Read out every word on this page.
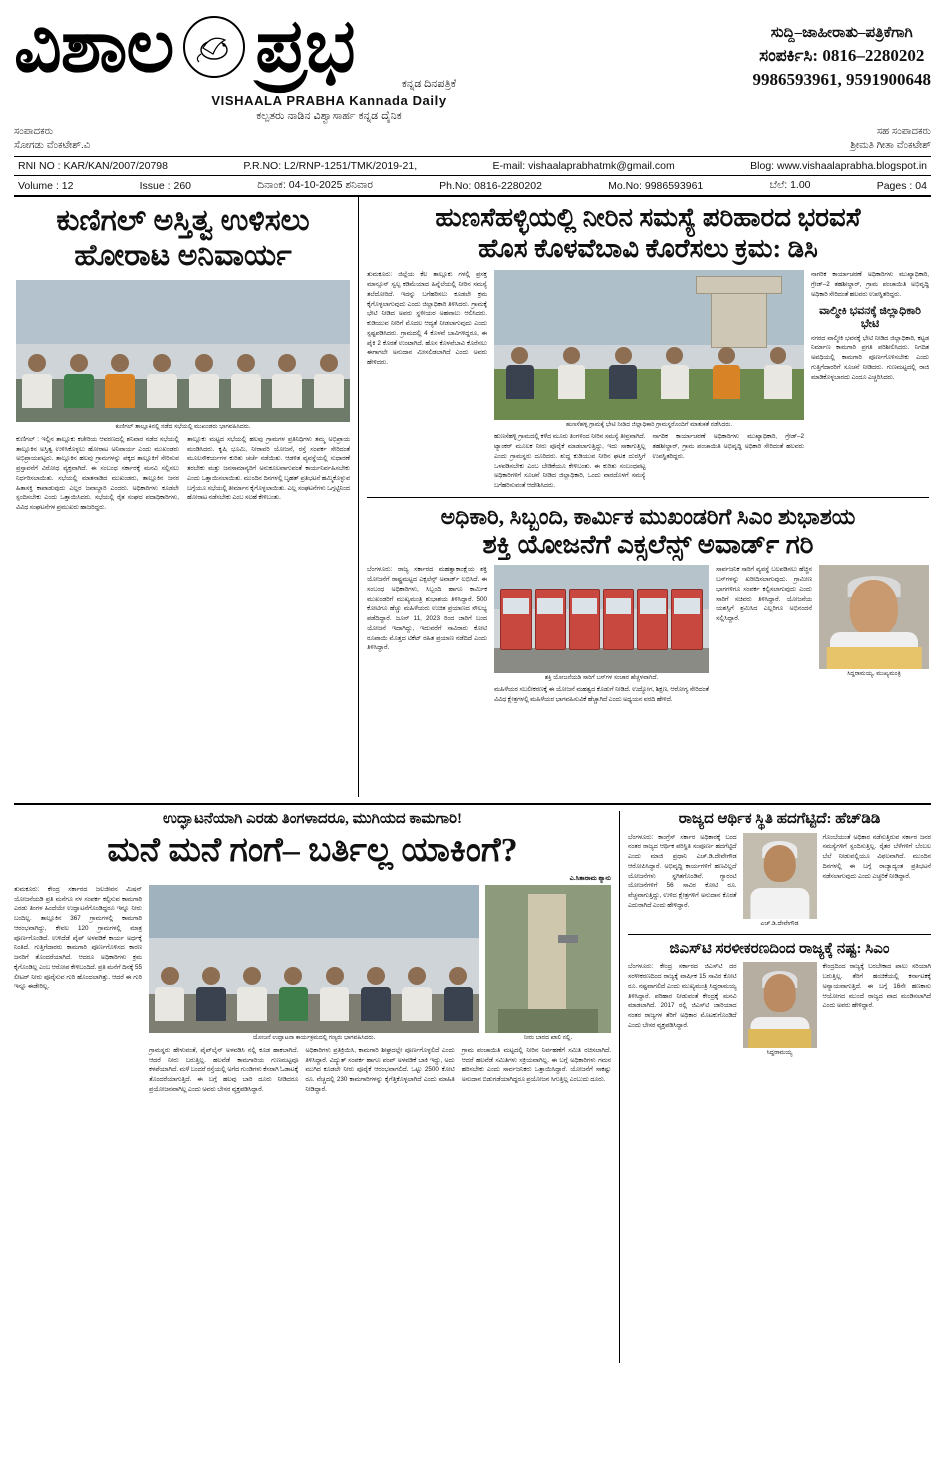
ವಿಶಾಲ ಪ್ರಭ	ಕನ್ನಡ ದಿನಪತ್ರಿಕೆ
VISHAALA PRABHA Kannada Daily
ಕಲ್ಪತರು ನಾಡಿನ ವಿಶ್ವಾಸಾರ್ಹ ಕನ್ನಡ ದೈನಿಕ
ಸುದ್ದಿ–ಜಾಹೀರಾತು–ಪತ್ರಿಕೆಗಾಗಿ
ಸಂಪರ್ಕಿಸಿ: 0816–2280202
9986593961, 9591900648
ಸಂಪಾದಕರು
ಸೋಗಡು ವೆಂಕಟೇಶ್.ವಿ
ಸಹ ಸಂಪಾದಕರು
ಶ್ರೀಮತಿ ಗೀತಾ ವೆಂಕಟೇಶ್
RNI NO : KAR/KAN/2007/20798	P.R.NO: L2/RNP-1251/TMK/2019-21,	E-mail: vishaalaprabhatmk@gmail.com	Blog: www.vishaalaprabha.blogspot.in
Volume : 12	Issue : 260	ದಿನಾಂಕ: 04-10-2025 ಶನಿವಾರ	Ph.No: 0816-2280202	Mo.No: 9986593961	ಬೆಲೆ: 1.00	Pages : 04
ಕುಣಿಗಲ್ ಅಸ್ತಿತ್ವ ಉಳಿಸಲು
ಹೋರಾಟ ಅನಿವಾರ್ಯ
ಕುಣಿಗಲ್ ತಾಲ್ಲೂಕಿನಲ್ಲಿ ನಡೆದ ಸಭೆಯಲ್ಲಿ ಮುಖಂಡರು ಭಾಗವಹಿಸಿದರು.
ಕುಣಿಗಲ್ : ಇಲ್ಲಿನ ತಾಲ್ಲೂಕು ಕಚೇರಿಯ ಆವರಣದಲ್ಲಿ ಶನಿವಾರ ನಡೆದ ಸಭೆಯಲ್ಲಿ ತಾಲ್ಲೂಕಿನ ಅಸ್ತಿತ್ವ ಉಳಿಸಿಕೊಳ್ಳಲು ಹೋರಾಟ ಅನಿವಾರ್ಯ ಎಂದು ಮುಖಂಡರು ಅಭಿಪ್ರಾಯಪಟ್ಟರು. ತಾಲ್ಲೂಕಿನ ಹಲವು ಗ್ರಾಮಗಳನ್ನು ಪಕ್ಕದ ತಾಲ್ಲೂಕಿಗೆ ಸೇರಿಸುವ ಪ್ರಸ್ತಾವನೆಗೆ ವಿರೋಧ ವ್ಯಕ್ತವಾಗಿದೆ. ಈ ಸಂಬಂಧ ಸರ್ಕಾರಕ್ಕೆ ಮನವಿ ಸಲ್ಲಿಸಲು ನಿರ್ಧರಿಸಲಾಯಿತು. ಸಭೆಯಲ್ಲಿ ಮಾತನಾಡಿದ ಮುಖಂಡರು, ತಾಲ್ಲೂಕಿನ ಜನರ ಹಿತಾಸಕ್ತಿ ಕಾಪಾಡುವುದು ಎಲ್ಲರ ಜವಾಬ್ದಾರಿ ಎಂದರು. ಅಧಿಕಾರಿಗಳು ಕೂಡಲೇ ಸ್ಪಂದಿಸಬೇಕು ಎಂದು ಒತ್ತಾಯಿಸಿದರು. ಸಭೆಯಲ್ಲಿ ರೈತ ಸಂಘದ ಪದಾಧಿಕಾರಿಗಳು, ವಿವಿಧ ಸಂಘಟನೆಗಳ ಪ್ರಮುಖರು ಹಾಜರಿದ್ದರು.
ತಾಲ್ಲೂಕು ಮಟ್ಟದ ಸಭೆಯಲ್ಲಿ ಹಲವು ಗ್ರಾಮಗಳ ಪ್ರತಿನಿಧಿಗಳು ತಮ್ಮ ಅಭಿಪ್ರಾಯ ಮಂಡಿಸಿದರು. ಕೃಷಿ ಭೂಮಿ, ನೀರಾವರಿ ಯೋಜನೆ, ರಸ್ತೆ ಸಂಪರ್ಕ ಸೇರಿದಂತೆ ಮೂಲಸೌಕರ್ಯಗಳ ಕುರಿತು ಚರ್ಚೆ ನಡೆಯಿತು. ಆಡಳಿತ ವ್ಯವಸ್ಥೆಯಲ್ಲಿ ಸುಧಾರಣೆ ತರಬೇಕು ಮತ್ತು ಜನಸಾಮಾನ್ಯರಿಗೆ ಅನುಕೂಲವಾಗುವಂತೆ ಕಾರ್ಯನಿರ್ವಹಿಸಬೇಕು ಎಂದು ಒತ್ತಾಯಿಸಲಾಯಿತು. ಮುಂದಿನ ದಿನಗಳಲ್ಲಿ ಬೃಹತ್ ಪ್ರತಿಭಟನೆ ಹಮ್ಮಿಕೊಳ್ಳುವ ಬಗ್ಗೆಯೂ ಸಭೆಯಲ್ಲಿ ತೀರ್ಮಾನ ಕೈಗೊಳ್ಳಲಾಯಿತು. ಎಲ್ಲ ಸಂಘಟನೆಗಳು ಒಗ್ಗಟ್ಟಿನಿಂದ ಹೋರಾಟ ನಡೆಸಬೇಕು ಎಂಬ ಸಲಹೆ ಕೇಳಿಬಂತು.
ಹುಣಸೆಹಳ್ಳಿಯಲ್ಲಿ ನೀರಿನ ಸಮಸ್ಯೆ ಪರಿಹಾರದ ಭರವಸೆ
ಹೊಸ ಕೊಳವೆಬಾವಿ ಕೊರೆಸಲು ಕ್ರಮ: ಡಿಸಿ
ತುಮಕೂರು: ಜಿಲ್ಲೆಯ ಕೆಲ ತಾಲ್ಲೂಕು ಗಳಲ್ಲಿ ಪ್ರಸಕ್ತ ಮಾನ್ಸೂನ್ ಸ್ವಲ್ಪ ಕಡಿಮೆಯಾದ ಹಿನ್ನೆಲೆಯಲ್ಲಿ ನೀರಿನ ಸಮಸ್ಯೆ ತಲೆದೋರಿದೆ. ಇದನ್ನು ಬಗೆಹರಿಸಲು ಕೂಡಲೇ ಕ್ರಮ ಕೈಗೊಳ್ಳಲಾಗುವುದು ಎಂದು ಜಿಲ್ಲಾಧಿಕಾರಿ ತಿಳಿಸಿದರು. ಗ್ರಾಮಕ್ಕೆ ಭೇಟಿ ನೀಡಿದ ಅವರು ಸ್ಥಳೀಯರ ಅಹವಾಲು ಆಲಿಸಿದರು. ಕುಡಿಯುವ ನೀರಿಗೆ ಮೊದಲ ಆದ್ಯತೆ ನೀಡಲಾಗುವುದು ಎಂದು ಸ್ಪಷ್ಟಪಡಿಸಿದರು. ಗ್ರಾಮದಲ್ಲಿ 4 ಕೊಳವೆ ಬಾವಿಗಳಿದ್ದರೂ, ಈ ಪೈಕಿ 2 ಕೊರತೆ ಉಂಟಾಗಿದೆ. ಹೊಸ ಕೊಳವೆಬಾವಿ ಕೊರೆಸಲು ಈಗಾಗಲೇ ಅನುದಾನ ಮೀಸಲಿಡಲಾಗಿದೆ ಎಂದು ಅವರು ಹೇಳಿದರು.
ಹುಣಸೆಹಳ್ಳಿ ಗ್ರಾಮಕ್ಕೆ ಭೇಟಿ ನೀಡಿದ ಜಿಲ್ಲಾಧಿಕಾರಿ ಗ್ರಾಮಸ್ಥರೊಂದಿಗೆ ಮಾತುಕತೆ ನಡೆಸಿದರು.
ಹುಣಸೆಹಳ್ಳಿ ಗ್ರಾಮದಲ್ಲಿ ಕಳೆದ ಮೂರು ತಿಂಗಳಿಂದ ನೀರಿನ ಸಮಸ್ಯೆ ತೀವ್ರವಾಗಿದೆ. ಟ್ಯಾಂಕರ್ ಮೂಲಕ ನೀರು ಪೂರೈಕೆ ಮಾಡಲಾಗುತ್ತಿದ್ದು, ಇದು ಸಾಕಾಗುತ್ತಿಲ್ಲ ಎಂದು ಗ್ರಾಮಸ್ಥರು ದೂರಿದರು. ಶುದ್ಧ ಕುಡಿಯುವ ನೀರಿನ ಘಟಕ ದುರಸ್ತಿಗೆ ಒಳಪಡಿಸಬೇಕು ಎಂಬ ಬೇಡಿಕೆಯೂ ಕೇಳಿಬಂತು. ಈ ಕುರಿತು ಸಂಬಂಧಪಟ್ಟ ಅಧಿಕಾರಿಗಳಿಗೆ ಸೂಚನೆ ನೀಡಿದ ಜಿಲ್ಲಾಧಿಕಾರಿ, ಒಂದು ವಾರದೊಳಗೆ ಸಮಸ್ಯೆ ಬಗೆಹರಿಸುವಂತೆ ಆದೇಶಿಸಿದರು.
ನಾಗರಿಕ ಕಾರ್ಯಾಚರಣೆ ಅಧಿಕಾರಿಗಳು ಮುಖ್ಯಾಧಿಕಾರಿ, ಗ್ರೇಡ್–2 ತಹಶೀಲ್ದಾರ್, ಗ್ರಾಮ ಪಂಚಾಯಿತಿ ಅಭಿವೃದ್ಧಿ ಅಧಿಕಾರಿ ಸೇರಿದಂತೆ ಹಲವರು ಉಪಸ್ಥಿತರಿದ್ದರು.
ನಾಗರಿಕ ಕಾರ್ಯಾಚರಣೆ ಅಧಿಕಾರಿಗಳು ಮುಖ್ಯಾಧಿಕಾರಿ, ಗ್ರೇಡ್–2 ತಹಶೀಲ್ದಾರ್, ಗ್ರಾಮ ಪಂಚಾಯಿತಿ ಅಭಿವೃದ್ಧಿ ಅಧಿಕಾರಿ ಸೇರಿದಂತೆ ಹಲವರು ಉಪಸ್ಥಿತರಿದ್ದರು.
ವಾಲ್ಮೀಕಿ ಭವನಕ್ಕೆ ಜಿಲ್ಲಾಧಿಕಾರಿ ಭೇಟಿ
ನಗರದ ವಾಲ್ಮೀಕಿ ಭವನಕ್ಕೆ ಭೇಟಿ ನೀಡಿದ ಜಿಲ್ಲಾಧಿಕಾರಿ, ಕಟ್ಟಡ ನಿರ್ಮಾಣ ಕಾಮಗಾರಿ ಪ್ರಗತಿ ಪರಿಶೀಲಿಸಿದರು. ನಿಗದಿತ ಅವಧಿಯಲ್ಲಿ ಕಾಮಗಾರಿ ಪೂರ್ಣಗೊಳಿಸಬೇಕು ಎಂದು ಗುತ್ತಿಗೆದಾರರಿಗೆ ಸೂಚನೆ ನೀಡಿದರು. ಗುಣಮಟ್ಟದಲ್ಲಿ ರಾಜಿ ಮಾಡಿಕೊಳ್ಳಬಾರದು ಎಂದೂ ಎಚ್ಚರಿಸಿದರು.
ಅಧಿಕಾರಿ, ಸಿಬ್ಬಂದಿ, ಕಾರ್ಮಿಕ ಮುಖಂಡರಿಗೆ ಸಿಎಂ ಶುಭಾಶಯ
ಶಕ್ತಿ ಯೋಜನೆಗೆ ಎಕ್ಸಲೆನ್ಸ್ ಅವಾರ್ಡ್ ಗರಿ
ಬೆಂಗಳೂರು: ರಾಜ್ಯ ಸರ್ಕಾರದ ಮಹತ್ವಾಕಾಂಕ್ಷೆಯ ಶಕ್ತಿ ಯೋಜನೆಗೆ ರಾಷ್ಟ್ರಮಟ್ಟದ ಎಕ್ಸಲೆನ್ಸ್ ಅವಾರ್ಡ್ ಲಭಿಸಿದೆ. ಈ ಸಂಬಂಧ ಅಧಿಕಾರಿಗಳು, ಸಿಬ್ಬಂದಿ ಹಾಗೂ ಕಾರ್ಮಿಕ ಮುಖಂಡರಿಗೆ ಮುಖ್ಯಮಂತ್ರಿ ಶುಭಾಶಯ ತಿಳಿಸಿದ್ದಾರೆ. 500 ಕೋಟಿಗೂ ಹೆಚ್ಚು ಮಹಿಳೆಯರು ಉಚಿತ ಪ್ರಯಾಣದ ಸೌಲಭ್ಯ ಪಡೆದಿದ್ದಾರೆ. ಜೂನ್ 11, 2023 ರಿಂದ ಜಾರಿಗೆ ಬಂದ ಯೋಜನೆ ಇದಾಗಿದ್ದು, ಇದುವರೆಗೆ ಸಾವಿರಾರು ಕೋಟಿ ರೂಪಾಯಿ ಮೊತ್ತದ ಟಿಕೆಟ್ ರಹಿತ ಪ್ರಯಾಣ ನಡೆದಿದೆ ಎಂದು ತಿಳಿಸಿದ್ದಾರೆ.
ಶಕ್ತಿ ಯೋಜನೆಯಡಿ ಸಾರಿಗೆ ಬಸ್‌ಗಳ ಸಂಚಾರ ಹೆಚ್ಚಳವಾಗಿದೆ.
ಮಹಿಳೆಯರ ಸಬಲೀಕರಣಕ್ಕೆ ಈ ಯೋಜನೆ ಮಹತ್ವದ ಕೊಡುಗೆ ನೀಡಿದೆ. ಉದ್ಯೋಗ, ಶಿಕ್ಷಣ, ಆರೋಗ್ಯ ಸೇರಿದಂತೆ ವಿವಿಧ ಕ್ಷೇತ್ರಗಳಲ್ಲಿ ಮಹಿಳೆಯರ ಭಾಗವಹಿಸುವಿಕೆ ಹೆಚ್ಚಾಗಿದೆ ಎಂದು ಅಧ್ಯಯನ ವರದಿ ಹೇಳಿದೆ.
ಸಾರ್ವಜನಿಕ ಸಾರಿಗೆ ವ್ಯವಸ್ಥೆ ಬಲಪಡಿಸಲು ಹೆಚ್ಚಿನ ಬಸ್‌ಗಳನ್ನು ಖರೀದಿಸಲಾಗುವುದು. ಗ್ರಾಮೀಣ ಭಾಗಗಳಿಗೂ ಸಂಪರ್ಕ ಕಲ್ಪಿಸಲಾಗುವುದು ಎಂದು ಸಾರಿಗೆ ಸಚಿವರು ತಿಳಿಸಿದ್ದಾರೆ. ಯೋಜನೆಯ ಯಶಸ್ಸಿಗೆ ಶ್ರಮಿಸಿದ ಎಲ್ಲರಿಗೂ ಅಭಿನಂದನೆ ಸಲ್ಲಿಸಿದ್ದಾರೆ.
ಸಿದ್ದರಾಮಯ್ಯ, ಮುಖ್ಯಮಂತ್ರಿ
ಉದ್ಘಾಟನೆಯಾಗಿ ಎರಡು ತಿಂಗಳಾದರೂ, ಮುಗಿಯದ ಕಾಮಗಾರಿ!
ಮನೆ ಮನೆ ಗಂಗೆ– ಬರ್ತಿಲ್ಲ ಯಾಕಿಂಗೆ?
ಎ.ಸಿತಾರಾಮ ಶ್ಯಾನು
ತುಮಕೂರು: ಕೇಂದ್ರ ಸರ್ಕಾರದ ಜಲಜೀವನ ಮಿಷನ್ ಯೋಜನೆಯಡಿ ಪ್ರತಿ ಮನೆಗೂ ನಳ ಸಂಪರ್ಕ ಕಲ್ಪಿಸುವ ಕಾಮಗಾರಿ ಎರಡು ತಿಂಗಳ ಹಿಂದೆಯೇ ಉದ್ಘಾಟನೆಗೊಂಡಿದ್ದರೂ ಇನ್ನೂ ನೀರು ಬಂದಿಲ್ಲ. ತಾಲ್ಲೂಕಿನ 367 ಗ್ರಾಮಗಳಲ್ಲಿ ಕಾಮಗಾರಿ ಆರಂಭವಾಗಿದ್ದು, ಕೇವಲ 120 ಗ್ರಾಮಗಳಲ್ಲಿ ಮಾತ್ರ ಪೂರ್ಣಗೊಂಡಿದೆ. ಉಳಿದೆಡೆ ಪೈಪ್ ಅಳವಡಿಕೆ ಕಾರ್ಯ ಅರ್ಧಕ್ಕೆ ನಿಂತಿದೆ. ಗುತ್ತಿಗೆದಾರರು ಕಾಮಗಾರಿ ಪೂರ್ಣಗೊಳಿಸದ ಕಾರಣ ಜನರಿಗೆ ತೊಂದರೆಯಾಗಿದೆ. ಆದರೂ ಅಧಿಕಾರಿಗಳು ಕ್ರಮ ಕೈಗೊಂಡಿಲ್ಲ ಎಂಬ ಆರೋಪ ಕೇಳಿಬಂದಿದೆ. ಪ್ರತಿ ಮನೆಗೆ ದಿನಕ್ಕೆ 55 ಲೀಟರ್ ನೀರು ಪೂರೈಸುವ ಗುರಿ ಹೊಂದಲಾಗಿತ್ತು. ಆದರೆ ಈ ಗುರಿ ಇನ್ನೂ ಈಡೇರಿಲ್ಲ.
ಯೋಜನೆ ಉದ್ಘಾಟನಾ ಕಾರ್ಯಕ್ರಮದಲ್ಲಿ ಗಣ್ಯರು ಭಾಗವಹಿಸಿದರು.	ನೀರು ಬಾರದ ಖಾಲಿ ನಲ್ಲಿ.
ಗ್ರಾಮಸ್ಥರು ಹೇಳುವಂತೆ, ಪೈಪ್‌ಲೈನ್ ಅಳವಡಿಸಿ ನಲ್ಲಿ ಕೂಡ ಹಾಕಲಾಗಿದೆ. ಆದರೆ ನೀರು ಬರುತ್ತಿಲ್ಲ. ಹಲವೆಡೆ ಕಾಮಗಾರಿಯ ಗುಣಮಟ್ಟವೂ ಕಳಪೆಯಾಗಿದೆ. ಮಳೆ ಬಂದರೆ ರಸ್ತೆಯಲ್ಲಿ ಅಗೆದ ಗುಂಡಿಗಳು ಕೆಸರಾಗಿ ಓಡಾಟಕ್ಕೆ ತೊಂದರೆಯಾಗುತ್ತಿದೆ. ಈ ಬಗ್ಗೆ ಹಲವು ಬಾರಿ ದೂರು ನೀಡಿದರೂ ಪ್ರಯೋಜನವಾಗಿಲ್ಲ ಎಂದು ಅವರು ಬೇಸರ ವ್ಯಕ್ತಪಡಿಸಿದ್ದಾರೆ.
ಅಧಿಕಾರಿಗಳು ಪ್ರತಿಕ್ರಿಯಿಸಿ, ಕಾಮಗಾರಿ ಶೀಘ್ರದಲ್ಲೇ ಪೂರ್ಣಗೊಳ್ಳಲಿದೆ ಎಂದು ತಿಳಿಸಿದ್ದಾರೆ. ವಿದ್ಯುತ್ ಸಂಪರ್ಕ ಹಾಗೂ ಪಂಪ್ ಅಳವಡಿಕೆ ಬಾಕಿ ಇದ್ದು, ಅದು ಮುಗಿದ ಕೂಡಲೇ ನೀರು ಪೂರೈಕೆ ಆರಂಭವಾಗಲಿದೆ. ಒಟ್ಟು 2500 ಕೋಟಿ ರೂ. ವೆಚ್ಚದಲ್ಲಿ 230 ಕಾಮಗಾರಿಗಳನ್ನು ಕೈಗೆತ್ತಿಕೊಳ್ಳಲಾಗಿದೆ ಎಂದು ಮಾಹಿತಿ ನೀಡಿದ್ದಾರೆ.
ಗ್ರಾಮ ಪಂಚಾಯಿತಿ ಮಟ್ಟದಲ್ಲಿ ನೀರಿನ ನಿರ್ವಹಣೆಗೆ ಸಮಿತಿ ರಚಿಸಲಾಗಿದೆ. ಆದರೆ ಹಲವೆಡೆ ಸಮಿತಿಗಳು ಸಕ್ರಿಯವಾಗಿಲ್ಲ. ಈ ಬಗ್ಗೆ ಅಧಿಕಾರಿಗಳು ಗಮನ ಹರಿಸಬೇಕು ಎಂದು ಸಾರ್ವಜನಿಕರು ಒತ್ತಾಯಿಸಿದ್ದಾರೆ. ಯೋಜನೆಗೆ ಸಾಕಷ್ಟು ಅನುದಾನ ಬಿಡುಗಡೆಯಾಗಿದ್ದರೂ ಪ್ರಯೋಜನ ಸಿಗುತ್ತಿಲ್ಲ ಎಂಬುದು ದೂರು.
ರಾಜ್ಯದ ಆರ್ಥಿಕ ಸ್ಥಿತಿ ಹದಗೆಟ್ಟಿದೆ: ಹೆಚ್‌ಡಿಡಿ
ಬೆಂಗಳೂರು: ಕಾಂಗ್ರೆಸ್ ಸರ್ಕಾರ ಅಧಿಕಾರಕ್ಕೆ ಬಂದ ನಂತರ ರಾಜ್ಯದ ಆರ್ಥಿಕ ಪರಿಸ್ಥಿತಿ ಸಂಪೂರ್ಣ ಹದಗೆಟ್ಟಿದೆ ಎಂದು ಮಾಜಿ ಪ್ರಧಾನಿ ಎಚ್.ಡಿ.ದೇವೇಗೌಡ ಆರೋಪಿಸಿದ್ದಾರೆ. ಅಭಿವೃದ್ಧಿ ಕಾರ್ಯಗಳಿಗೆ ಹಣವಿಲ್ಲದೆ ಯೋಜನೆಗಳು ಸ್ಥಗಿತಗೊಂಡಿವೆ. ಗ್ಯಾರಂಟಿ ಯೋಜನೆಗಳಿಗೆ 56 ಸಾವಿರ ಕೋಟಿ ರೂ. ವೆಚ್ಚವಾಗುತ್ತಿದ್ದು, ಉಳಿದ ಕ್ಷೇತ್ರಗಳಿಗೆ ಅನುದಾನ ಕೊರತೆ ಎದುರಾಗಿದೆ ಎಂದು ಹೇಳಿದ್ದಾರೆ.
ಎಚ್.ಡಿ.ದೇವೇಗೌಡ
ಗೊಂಬೆಯಂತೆ ಅಧಿಕಾರ ನಡೆಸುತ್ತಿರುವ ಸರ್ಕಾರ ಜನರ ಸಮಸ್ಯೆಗಳಿಗೆ ಸ್ಪಂದಿಸುತ್ತಿಲ್ಲ. ರೈತರ ಬೆಳೆಗಳಿಗೆ ಬೆಂಬಲ ಬೆಲೆ ನೀಡುವಲ್ಲಿಯೂ ವಿಫಲವಾಗಿದೆ. ಮುಂದಿನ ದಿನಗಳಲ್ಲಿ ಈ ಬಗ್ಗೆ ರಾಜ್ಯಾದ್ಯಂತ ಪ್ರತಿಭಟನೆ ನಡೆಸಲಾಗುವುದು ಎಂದು ಎಚ್ಚರಿಕೆ ನೀಡಿದ್ದಾರೆ.
ಜಿಎಸ್‌ಟಿ ಸರಳೀಕರಣದಿಂದ ರಾಜ್ಯಕ್ಕೆ ನಷ್ಟ: ಸಿಎಂ
ಬೆಂಗಳೂರು: ಕೇಂದ್ರ ಸರ್ಕಾರದ ಜಿಎಸ್‌ಟಿ ದರ ಸರಳೀಕರಣದಿಂದ ರಾಜ್ಯಕ್ಕೆ ವಾರ್ಷಿಕ 15 ಸಾವಿರ ಕೋಟಿ ರೂ. ನಷ್ಟವಾಗಲಿದೆ ಎಂದು ಮುಖ್ಯಮಂತ್ರಿ ಸಿದ್ದರಾಮಯ್ಯ ತಿಳಿಸಿದ್ದಾರೆ. ಪರಿಹಾರ ನೀಡುವಂತೆ ಕೇಂದ್ರಕ್ಕೆ ಮನವಿ ಮಾಡಲಾಗಿದೆ. 2017 ರಲ್ಲಿ ಜಿಎಸ್‌ಟಿ ಜಾರಿಯಾದ ನಂತರ ರಾಜ್ಯಗಳ ತೆರಿಗೆ ಅಧಿಕಾರ ಮೊಟಕುಗೊಂಡಿದೆ ಎಂದು ಬೇಸರ ವ್ಯಕ್ತಪಡಿಸಿದ್ದಾರೆ.
ಸಿದ್ದರಾಮಯ್ಯ
ಕೇಂದ್ರದಿಂದ ರಾಜ್ಯಕ್ಕೆ ಬರಬೇಕಾದ ಪಾಲು ಸರಿಯಾಗಿ ಬರುತ್ತಿಲ್ಲ. ತೆರಿಗೆ ಹಂಚಿಕೆಯಲ್ಲಿ ಕರ್ನಾಟಕಕ್ಕೆ ಅನ್ಯಾಯವಾಗುತ್ತಿದೆ. ಈ ಬಗ್ಗೆ 16ನೇ ಹಣಕಾಸು ಆಯೋಗದ ಮುಂದೆ ರಾಜ್ಯದ ವಾದ ಮಂಡಿಸಲಾಗಿದೆ ಎಂದು ಅವರು ಹೇಳಿದ್ದಾರೆ.
